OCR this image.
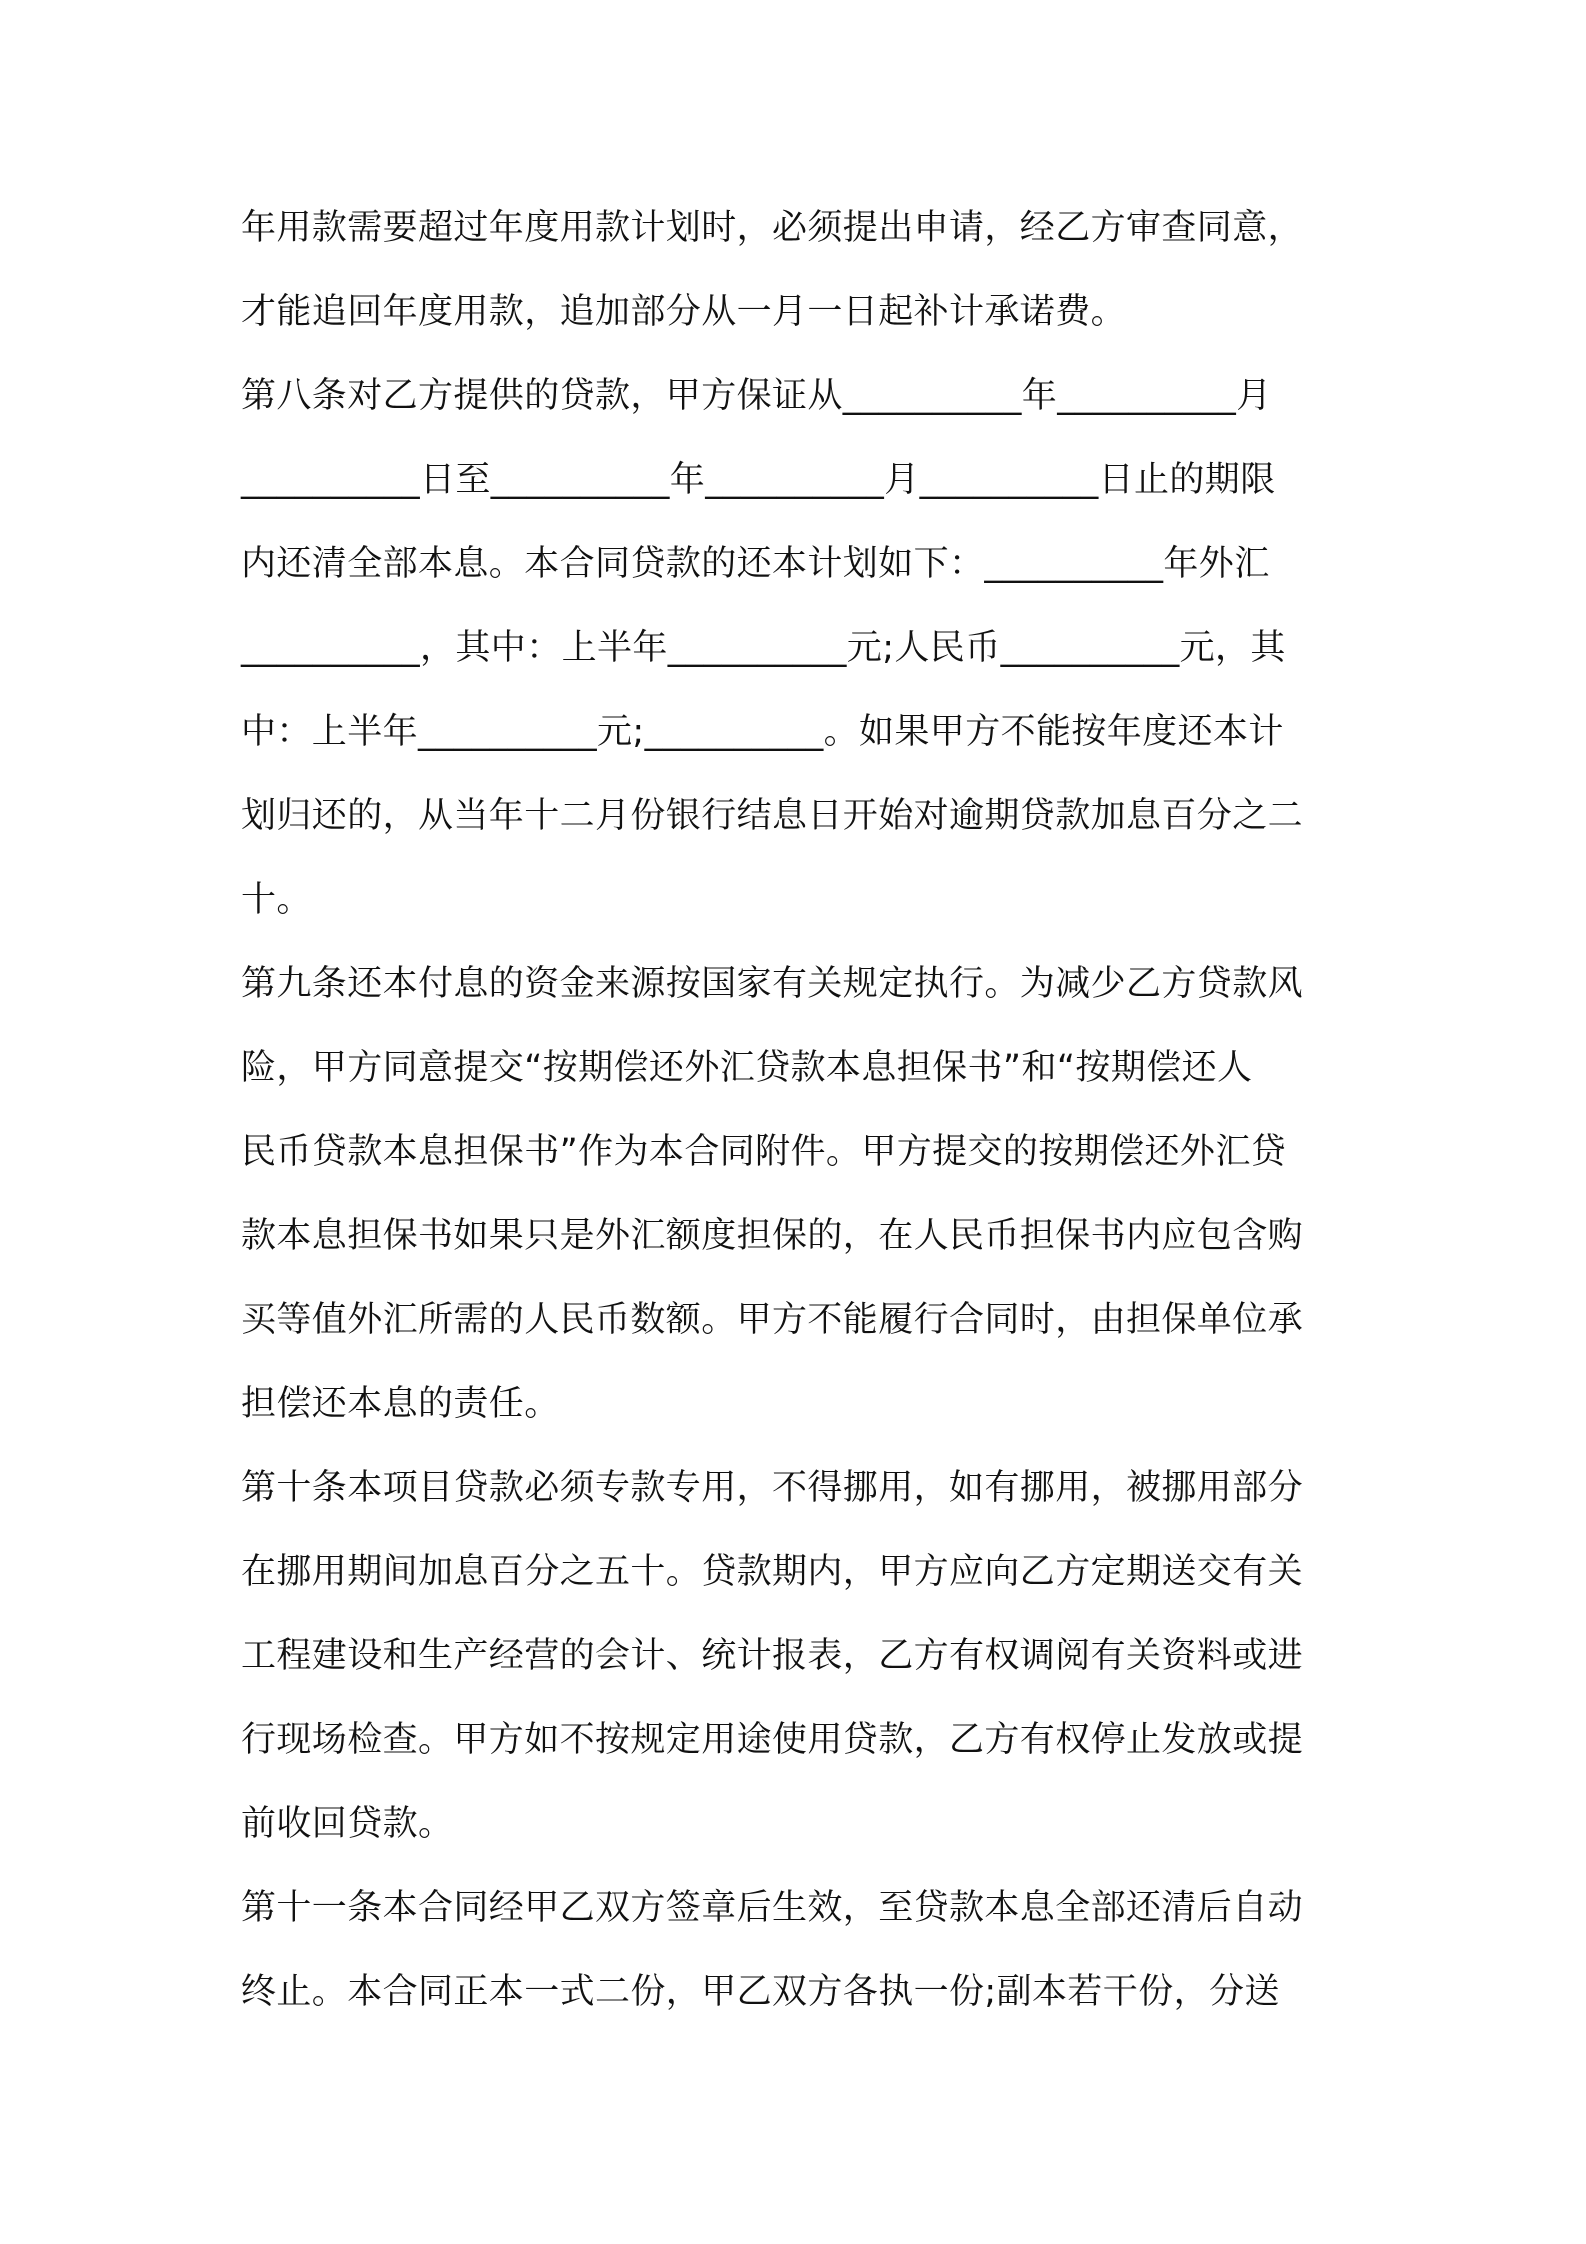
年用款需要超过年度用款计划时，必须提出申请，经乙方审查同意，
才能追回年度用款，追加部分从一月一日起补计承诺费。
第八条对乙方提供的贷款，甲方保证从__________年__________月
__________日至__________年__________月__________日止的期限
内还清全部本息。本合同贷款的还本计划如下：__________年外汇
__________，其中：上半年__________元;人民币__________元，其
中：上半年__________元;__________。如果甲方不能按年度还本计
划归还的，从当年十二月份银行结息日开始对逾期贷款加息百分之二
十。
第九条还本付息的资金来源按国家有关规定执行。为减少乙方贷款风
险，甲方同意提交“按期偿还外汇贷款本息担保书”和“按期偿还人
民币贷款本息担保书”作为本合同附件。甲方提交的按期偿还外汇贷
款本息担保书如果只是外汇额度担保的，在人民币担保书内应包含购
买等值外汇所需的人民币数额。甲方不能履行合同时，由担保单位承
担偿还本息的责任。
第十条本项目贷款必须专款专用，不得挪用，如有挪用，被挪用部分
在挪用期间加息百分之五十。贷款期内，甲方应向乙方定期送交有关
工程建设和生产经营的会计、统计报表，乙方有权调阅有关资料或进
行现场检查。甲方如不按规定用途使用贷款，乙方有权停止发放或提
前收回贷款。
第十一条本合同经甲乙双方签章后生效，至贷款本息全部还清后自动
终止。本合同正本一式二份，甲乙双方各执一份;副本若干份，分送
